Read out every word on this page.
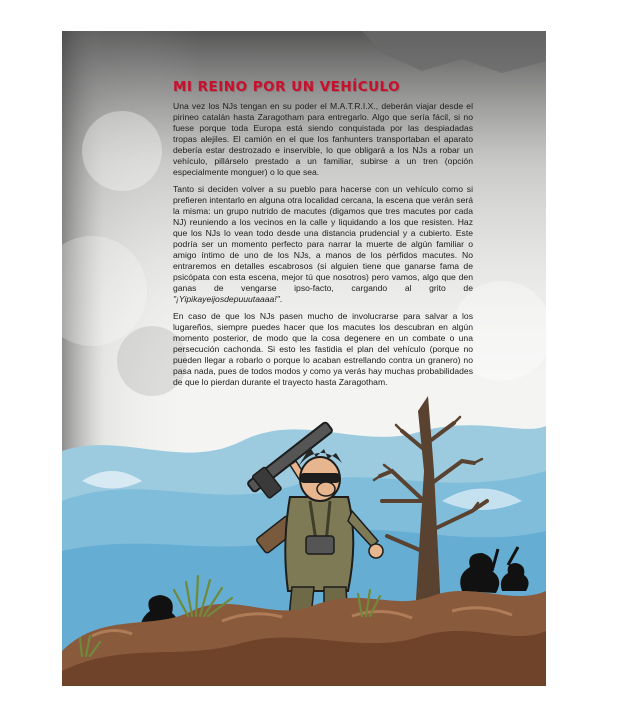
MI REINO POR UN VEHÍCULO

Una vez los NJs tengan en su poder el M.A.T.R.I.X., deberán viajar desde el pirineo catalán hasta Zaragotham para entregarlo. Algo que sería fácil, si no fuese porque toda Europa está siendo conquistada por las despiadadas tropas alejiles. El camión en el que los fanhunters transportaban el aparato debería estar destrozado e inservible, lo que obligará a los NJs a robar un vehículo, pillárselo prestado a un familiar, subirse a un tren (opción especialmente monguer) o lo que sea.

Tanto si deciden volver a su pueblo para hacerse con un vehículo como si prefieren intentarlo en alguna otra localidad cercana, la escena que verán será la misma: un grupo nutrido de macutes (digamos que tres macutes por cada NJ) reuniendo a los vecinos en la calle y liquidando a los que resisten. Haz que los NJs lo vean todo desde una distancia prudencial y a cubierto. Este podría ser un momento perfecto para narrar la muerte de algún familiar o amigo íntimo de uno de los NJs, a manos de los pérfidos macutes. No entraremos en detalles escabrosos (si alguien tiene que ganarse fama de psicópata con esta escena, mejor tú que nosotros) pero vamos, algo que den ganas de vengarse ipso-facto, cargando al grito de "¡Yipikayeijosdepuuutaaaa!".

En caso de que los NJs pasen mucho de involucrarse para salvar a los lugareños, siempre puedes hacer que los macutes los descubran en algún momento posterior, de modo que la cosa degenere en un combate o una persecución cachonda. Si esto les fastidia el plan del vehículo (porque no pueden llegar a robarlo o porque lo acaban estrellando contra un granero) no pasa nada, pues de todos modos y como ya verás hay muchas probabilidades de que lo pierdan durante el trayecto hasta Zaragotham.
